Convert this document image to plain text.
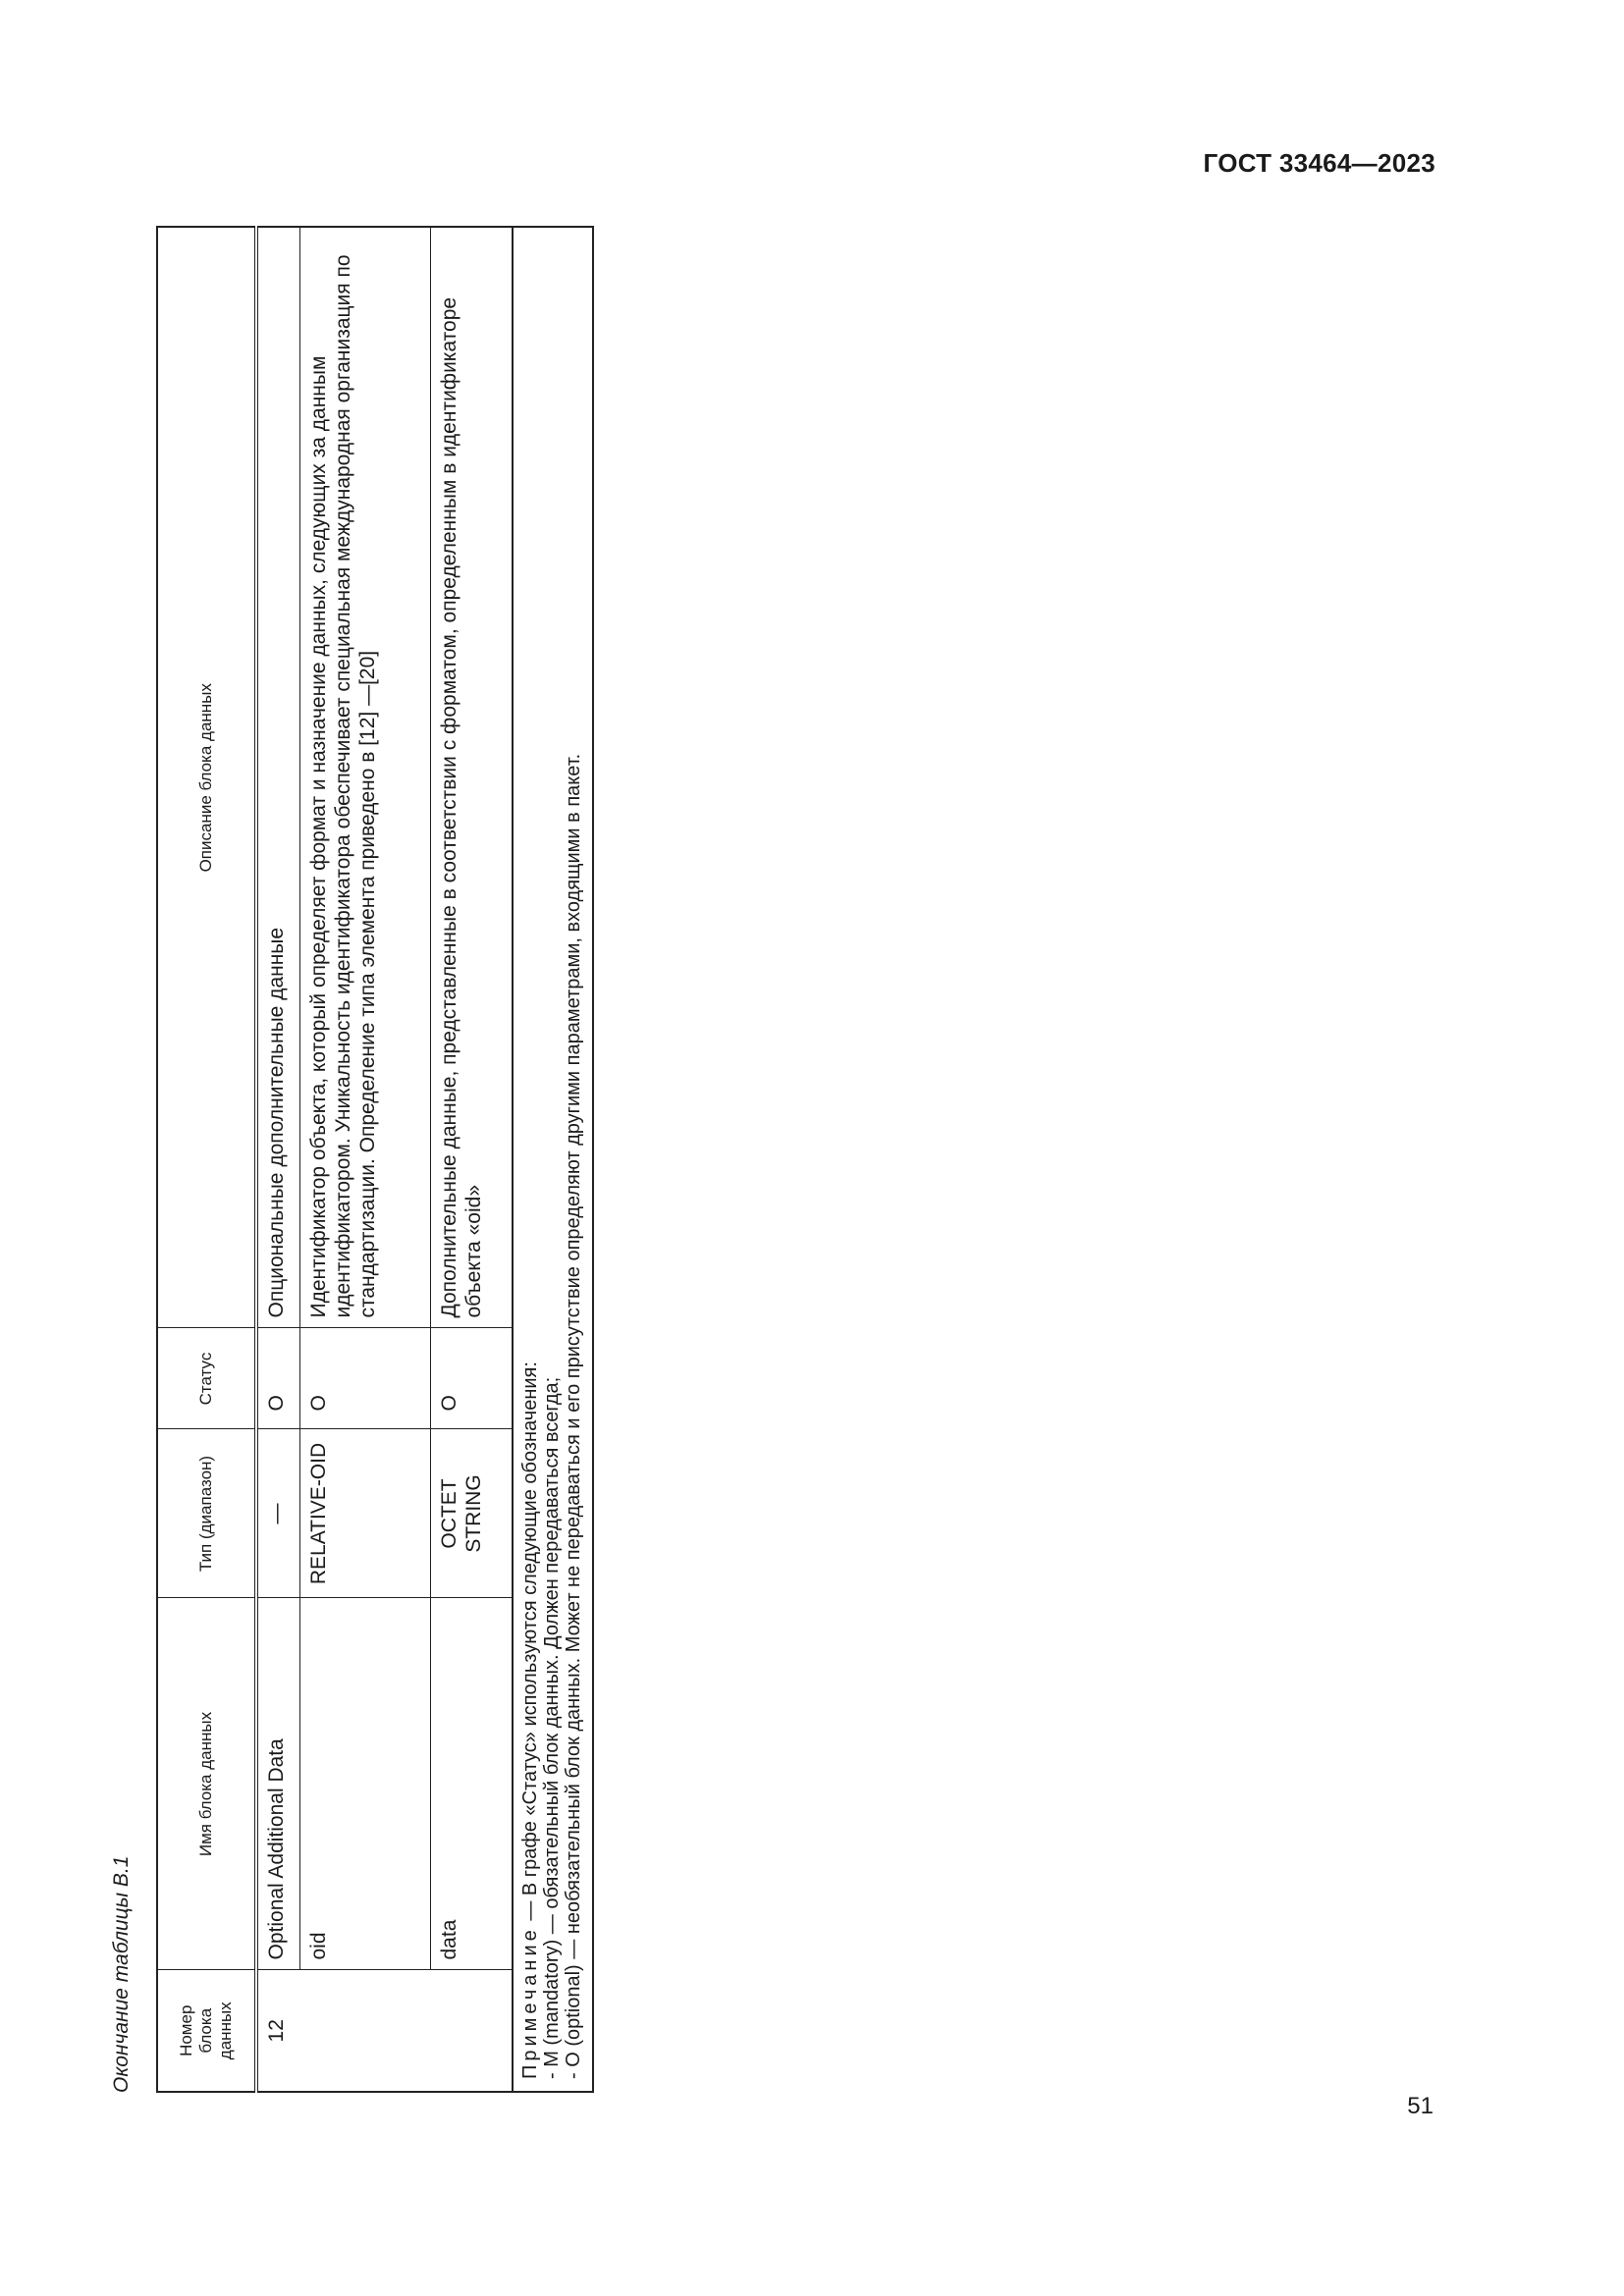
ГОСТ 33464—2023
Окончание таблицы В.1	Номер блока данных	Имя блока данных	Тип (диапазон)	Статус	Описание блока данных
12	Optional Additional Data	—	O	Опциональные дополнительные данные
	oid	RELATIVE-OID	O	Идентификатор объекта, который определяет формат и назначение данных, следующих за данным идентификатором. Уникальность идентификатора обеспечивает специальная международная организация по стандартизации. Определение типа элемента приведено в [12] —[20]
	data	OCTET STRING	O	Дополнительные данные, представленные в соответствии с форматом, определенным в идентификаторе объекта «oid»

Примечание — В графе «Статус» используются следующие обозначения: - M (mandatory) — обязательный блок данных. Должен передаваться всегда; - O (optional) — необязательный блок данных. Может не передаваться и его присутствие определяют другими параметрами, входящими в пакет.				
51
